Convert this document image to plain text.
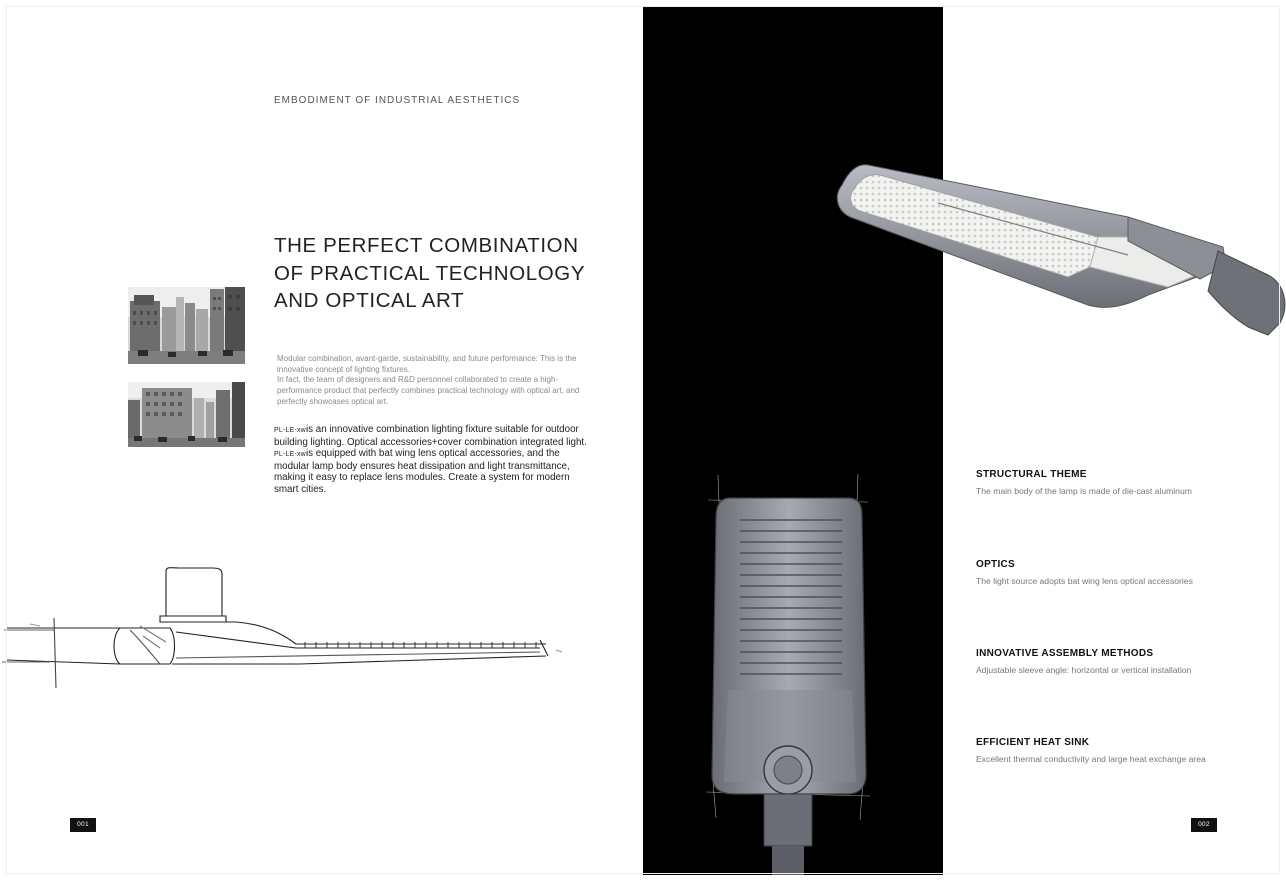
EMBODIMENT OF INDUSTRIAL AESTHETICS
THE PERFECT COMBINATION
OF PRACTICAL TECHNOLOGY
AND OPTICAL ART

Modular combination, avant-garde, sustainability, and future performance: This is the innovative concept of lighting fixtures.

In fact, the team of designers and R&D personnel collaborated to create a high-performance product that perfectly combines practical technology with optical art, and perfectly showcases optical art.

PL-LE-xwis an innovative combination lighting fixture suitable for outdoor building lighting. Optical accessories+cover combination integrated light.

PL-LE-xwis equipped with bat wing lens optical accessories, and the modular lamp body ensures heat dissipation and light transmittance, making it easy to replace lens modules. Create a system for modern smart cities.

001
STRUCTURAL THEME
The main body of the lamp is made of die-cast aluminum
OPTICS
The light source adopts bat wing lens optical accessories
INNOVATIVE ASSEMBLY METHODS
Adjustable sleeve angle: horizontal or vertical installation
EFFICIENT HEAT SINK
Excellent thermal conductivity and large heat exchange area
002
